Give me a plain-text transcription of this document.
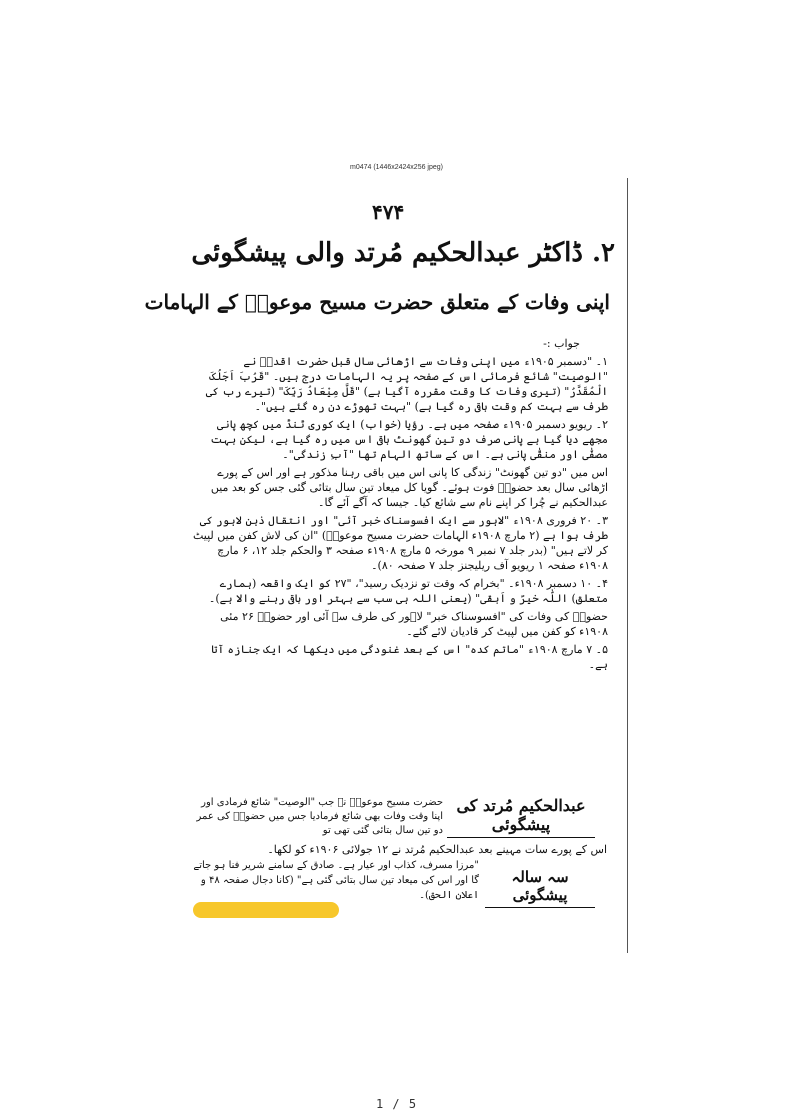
m0474 (1446x2424x256 jpeg)
۴۷۴
۲. ڈاکٹر عبدالحکیم مُرتد والی پیشگوئی
اپنی وفات کے متعلق حضرت مسیح موعودؑ کے الہامات

جواب :-

۱۔ "دسمبر ۱۹۰۵ء میں اپنی وفات سے اڑھائی سال قبل حضرت اقدسؑ نے "الوصیت" شائع فرمائی اس کے صفحہ پر یہ الہامات درج ہیں۔ "قَرُبَ اَجَلُکَ الْمُقَدَّرُ" (تیری وفات کا وقت مقررہ آگیا ہے) "قَلَّ مِیْعَادُ رَبِّکَ" (تیرے رب کی طرف سے بہت کم وقت باقی رہ گیا ہے) "بہت تھوڑے دن رہ گئے ہیں"۔

۲۔ ریویو دسمبر ۱۹۰۵ء صفحہ میں ہے۔ رؤیا (خواب) ایک کوری ٹنڈ میں کچھ پانی مجھے دیا گیا ہے پانی صرف دو تین گھونٹ باقی اس میں رہ گیا ہے، لیکن بہت مصفّٰی اور منقّٰی پانی ہے۔ اس کے ساتھ الہام تھا "آبِ زندگی"۔

اس میں "دو تین گھونٹ" زندگی کا پانی اس میں باقی رہنا مذکور ہے اور اس کے پورے اڑھائی سال بعد حضورؑ فوت ہوئے۔ گویا کل میعاد تین سال بتائی گئی جس کو بعد میں عبدالحکیم نے چُرا کر اپنے نام سے شائع کیا۔ جیسا کہ آگے آئے گا۔

۳۔ ۲۰ فروری ۱۹۰۸ء "لاہور سے ایک افسوسناک خبر آئی" اور انتقال ذہن لاہور کی طرف ہوا ہے (۲ مارچ ۱۹۰۸ء الہامات حضرت مسیح موعودؑ) "ان کی لاش کفن میں لپیٹ کر لاتے ہیں" (بدر جلد ۷ نمبر ۹ مورخہ ۵ مارچ ۱۹۰۸ء صفحہ ۳ والحکم جلد ۱۲، ۶ مارچ ۱۹۰۸ء صفحہ ۱ ریویو آف ریلیجنز جلد ۷ صفحہ ۸۰)۔

۴۔ ۱۰ دسمبر ۱۹۰۸ء۔ "بخرام کہ وقت تو نزدیک رسید"، "۲۷ کو ایک واقعہ (ہمارے متعلق) اللّٰہ خیرٌ و اَبقٰی" (یعنی اللہ ہی سب سے بہتر اور باقی رہنے والا ہے)۔

حضورؑ کی وفات کی "افسوسناک خبر" لاہور کی طرف سے آئی اور حضورؑ ۲۶ مئی ۱۹۰۸ء کو کفن میں لپیٹ کر قادیان لائے گئے۔

۵۔ ۷ مارچ ۱۹۰۸ء "ماتم کدہ" اس کے بعد غنودگی میں دیکھا کہ ایک جنازہ آتا ہے۔

عبدالحکیم مُرتد کی پیشگوئی
حضرت مسیح موعودؑ نے جب "الوصیت" شائع فرمادی اور اپنا وقت وفات بھی شائع فرمادیا جس میں حضورؑ کی عمر دو تین سال بتائی گئی تھی تو
اس کے پورے سات مہینے بعد عبدالحکیم مُرتد نے ۱۲ جولائی ۱۹۰۶ء کو لکھا۔
سہ سالہ پیشگوئی
"مرزا مسرف، کذاب اور عیار ہے۔ صادق کے سامنے شریر فنا ہو جاتے گا اور اس کی میعاد تین سال بتائی گئی ہے" (کانا دجال صفحہ ۴۸ و اعلان الحق)۔
1 / 5
